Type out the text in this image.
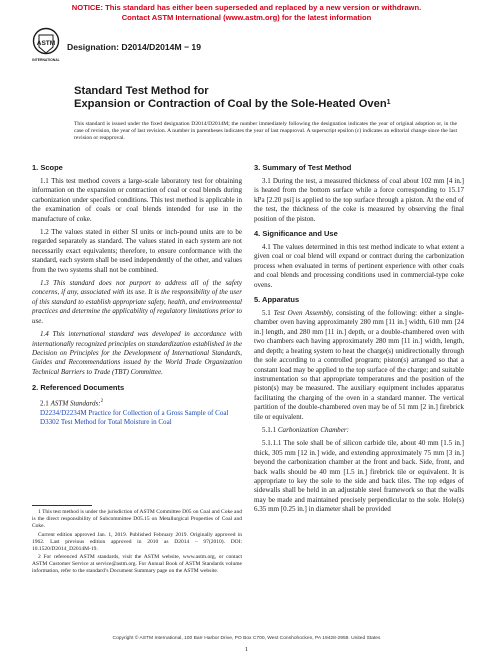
NOTICE: This standard has either been superseded and replaced by a new version or withdrawn.
Contact ASTM International (www.astm.org) for the latest information
ASTM
INTERNATIONAL
Designation: D2014/D2014M − 19
Standard Test Method for
Expansion or Contraction of Coal by the Sole-Heated Oven$^1$
This standard is issued under the fixed designation D2014/D2014M; the number immediately following the designation indicates the year of original adoption or, in the case of revision, the year of last revision. A number in parentheses indicates the year of last reapproval. A superscript epsilon (ε) indicates an editorial change since the last revision or reapproval.
1. Scope

1.1 This test method covers a large-scale laboratory test for obtaining information on the expansion or contraction of coal or coal blends during carbonization under specified conditions. This test method is applicable in the examination of coals or coal blends intended for use in the manufacture of coke.

1.2 The values stated in either SI units or inch-pound units are to be regarded separately as standard. The values stated in each system are not necessarily exact equivalents; therefore, to ensure conformance with the standard, each system shall be used independently of the other, and values from the two systems shall not be combined.

1.3 This standard does not purport to address all of the safety concerns, if any, associated with its use. It is the responsibility of the user of this standard to establish appropriate safety, health, and environmental practices and determine the applicability of regulatory limitations prior to use.

1.4 This international standard was developed in accordance with internationally recognized principles on standardization established in the Decision on Principles for the Development of International Standards, Guides and Recommendations issued by the World Trade Organization Technical Barriers to Trade (TBT) Committee.

2. Referenced Documents

2.1 ASTM Standards:$^2$

D2234/D2234M Practice for Collection of a Gross Sample of Coal

D3302 Test Method for Total Moisture in Coal

1 This test method is under the jurisdiction of ASTM Committee D05 on Coal and Coke and is the direct responsibility of Subcommittee D05.15 on Metallurgical Properties of Coal and Coke.

Current edition approved Jan. 1, 2019. Published February 2019. Originally approved in 1962. Last previous edition approved in 2010 as D2014 – 97(2010). DOI: 10.1520/D2014_D2014M-19.

2 For referenced ASTM standards, visit the ASTM website, www.astm.org, or contact ASTM Customer Service at service@astm.org. For Annual Book of ASTM Standards volume information, refer to the standard’s Document Summary page on the ASTM website.

3. Summary of Test Method

3.1 During the test, a measured thickness of coal about 102 mm [4 in.] is heated from the bottom surface while a force corresponding to 15.17 kPa [2.20 psi] is applied to the top surface through a piston. At the end of the test, the thickness of the coke is measured by observing the final position of the piston.

4. Significance and Use

4.1 The values determined in this test method indicate to what extent a given coal or coal blend will expand or contract during the carbonization process when evaluated in terms of pertinent experience with other coals and coal blends and processing conditions used in commercial-type coke ovens.

5. Apparatus

5.1 Test Oven Assembly, consisting of the following: either a single-chamber oven having approximately 280 mm [11 in.] width, 610 mm [24 in.] length, and 280 mm [11 in.] depth, or a double-chambered oven with two chambers each having approximately 280 mm [11 in.] width, length, and depth; a heating system to heat the charge(s) unidirectionally through the sole according to a controlled program; piston(s) arranged so that a constant load may be applied to the top surface of the charge; and suitable instrumentation so that appropriate temperatures and the position of the piston(s) may be measured. The auxiliary equipment includes apparatus facilitating the charging of the oven in a standard manner. The vertical partition of the double-chambered oven may be of 51 mm [2 in.] firebrick tile or equivalent.

5.1.1 Carbonization Chamber:

5.1.1.1 The sole shall be of silicon carbide tile, about 40 mm [1.5 in.] thick, 305 mm [12 in.] wide, and extending approximately 75 mm [3 in.] beyond the carbonization chamber at the front and back. Side, front, and back walls should be 40 mm [1.5 in.] firebrick tile or equivalent. It is appropriate to key the sole to the side and back tiles. The top edges of sidewalls shall be held in an adjustable steel framework so that the walls may be made and maintained precisely perpendicular to the sole. Hole(s) 6.35 mm [0.25 in.] in diameter shall be provided

Copyright © ASTM International, 100 Barr Harbor Drive, PO Box C700, West Conshohocken, PA 19428-2959. United States
1
